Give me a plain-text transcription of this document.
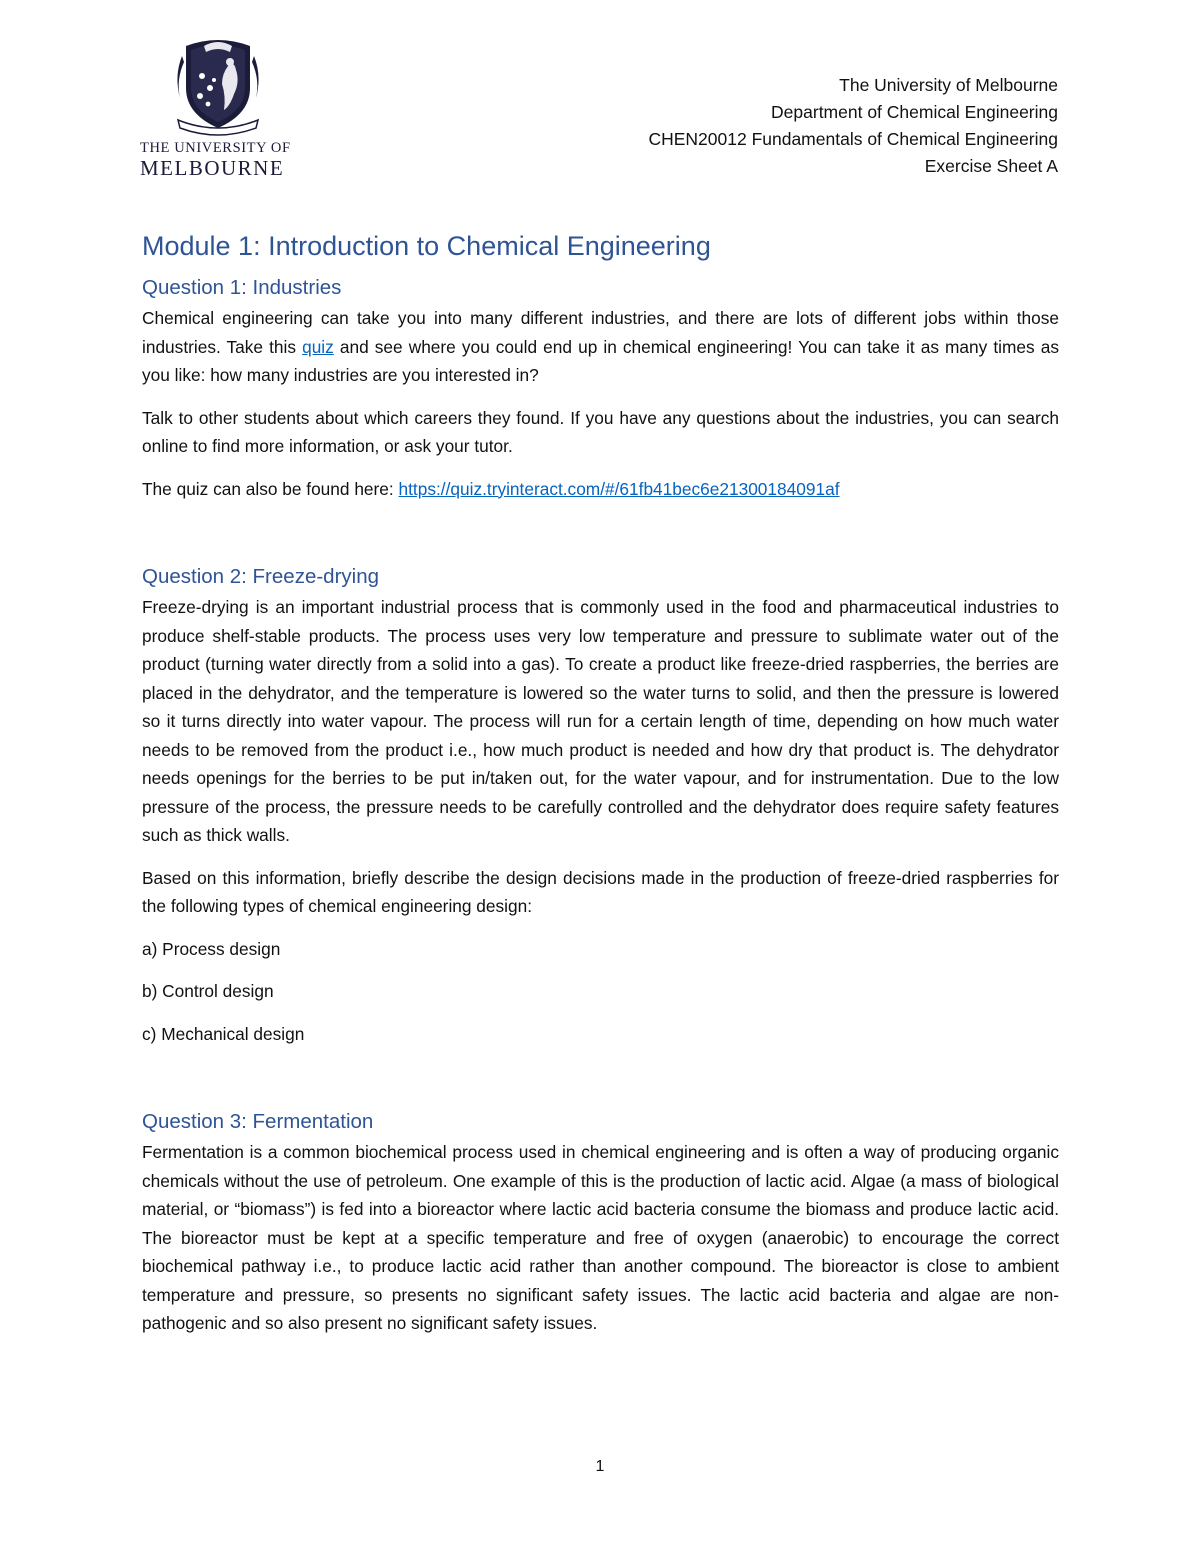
THE UNIVERSITY OF
MELBOURNE
The University of Melbourne
Department of Chemical Engineering
CHEN20012 Fundamentals of Chemical Engineering
Exercise Sheet A
Module 1: Introduction to Chemical Engineering
Question 1: Industries

Chemical engineering can take you into many different industries, and there are lots of different jobs within those industries. Take this quiz and see where you could end up in chemical engineering! You can take it as many times as you like: how many industries are you interested in?

Talk to other students about which careers they found. If you have any questions about the industries, you can search online to find more information, or ask your tutor.

The quiz can also be found here: https://quiz.tryinteract.com/#/61fb41bec6e21300184091af

Question 2: Freeze-drying

Freeze-drying is an important industrial process that is commonly used in the food and pharmaceutical industries to produce shelf-stable products. The process uses very low temperature and pressure to sublimate water out of the product (turning water directly from a solid into a gas). To create a product like freeze-dried raspberries, the berries are placed in the dehydrator, and the temperature is lowered so the water turns to solid, and then the pressure is lowered so it turns directly into water vapour. The process will run for a certain length of time, depending on how much water needs to be removed from the product i.e., how much product is needed and how dry that product is. The dehydrator needs openings for the berries to be put in/taken out, for the water vapour, and for instrumentation. Due to the low pressure of the process, the pressure needs to be carefully controlled and the dehydrator does require safety features such as thick walls.

Based on this information, briefly describe the design decisions made in the production of freeze-dried raspberries for the following types of chemical engineering design:

a) Process design

b) Control design

c) Mechanical design

Question 3: Fermentation

Fermentation is a common biochemical process used in chemical engineering and is often a way of producing organic chemicals without the use of petroleum. One example of this is the production of lactic acid. Algae (a mass of biological material, or “biomass”) is fed into a bioreactor where lactic acid bacteria consume the biomass and produce lactic acid. The bioreactor must be kept at a specific temperature and free of oxygen (anaerobic) to encourage the correct biochemical pathway i.e., to produce lactic acid rather than another compound. The bioreactor is close to ambient temperature and pressure, so presents no significant safety issues. The lactic acid bacteria and algae are non-pathogenic and so also present no significant safety issues.

1
